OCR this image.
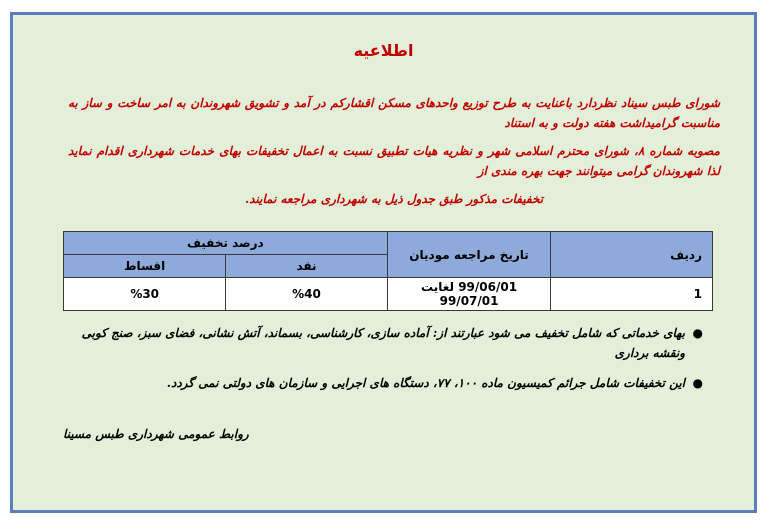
اطلاعیه
شورای طبس سیناد نظردارد باعنایت به طرح توزیع واحدهای مسکن اقشارکم در آمد و تشویق شهروندان به امر ساخت و ساز به مناسبت گرامیداشت هفته دولت و به استناد
مصوبه شماره ۸، شورای محترم اسلامی شهر و نظریه هیات تطبیق نسبت به اعمال تخفیفات بهای خدمات شهرداری اقدام نماید لذا شهروندان گرامی میتوانند جهت بهره مندی از
تخفیفات مذکور طبق جدول ذیل به شهرداری مراجعه نمایند.
ردیف	تاریخ مراجعه مودیان	درصد تخفیف	
		نقد	اقساط
1	99/06/01 لغایت 99/07/01	%40	%30
●
بهای خدماتی که شامل تخفیف می شود عبارتند از: آماده سازی، کارشناسی، بسماند، آتش نشانی، فضای سبز، صنج کوبی ونقشه برداری
●
این تخفیفات شامل جرائم کمیسیون ماده ۱۰۰، ۷۷، دستگاه های اجرایی و سازمان های دولتی نمی گردد.
روابط عمومی شهرداری طبس مسینا
